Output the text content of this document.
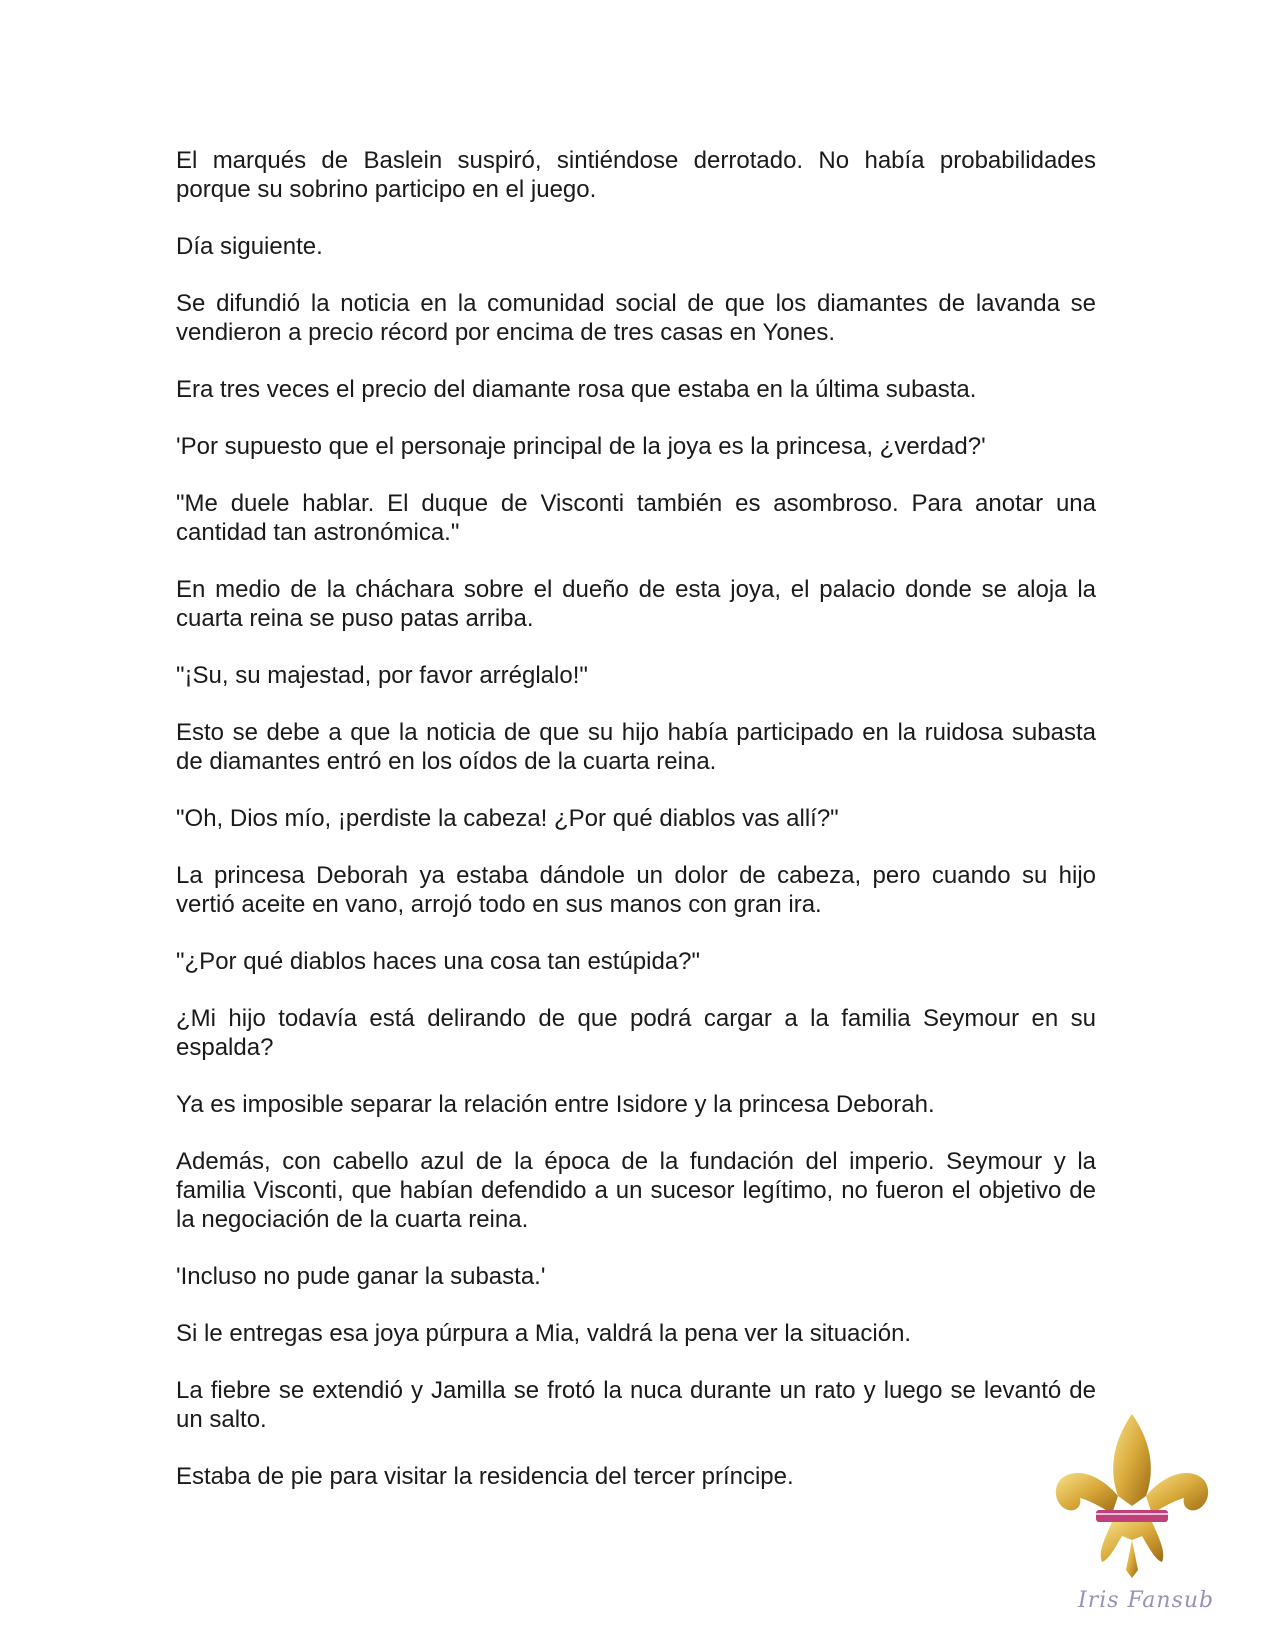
El marqués de Baslein suspiró, sintiéndose derrotado. No había probabilidades porque su sobrino participo en el juego.

Día siguiente.

Se difundió la noticia en la comunidad social de que los diamantes de lavanda se vendieron a precio récord por encima de tres casas en Yones.

Era tres veces el precio del diamante rosa que estaba en la última subasta.

'Por supuesto que el personaje principal de la joya es la princesa, ¿verdad?'

"Me duele hablar. El duque de Visconti también es asombroso. Para anotar una cantidad tan astronómica."

En medio de la cháchara sobre el dueño de esta joya, el palacio donde se aloja la cuarta reina se puso patas arriba.

"¡Su, su majestad, por favor arréglalo!"

Esto se debe a que la noticia de que su hijo había participado en la ruidosa subasta de diamantes entró en los oídos de la cuarta reina.

"Oh, Dios mío, ¡perdiste la cabeza! ¿Por qué diablos vas allí?"

La princesa Deborah ya estaba dándole un dolor de cabeza, pero cuando su hijo vertió aceite en vano, arrojó todo en sus manos con gran ira.

"¿Por qué diablos haces una cosa tan estúpida?"

¿Mi hijo todavía está delirando de que podrá cargar a la familia Seymour en su espalda?

Ya es imposible separar la relación entre Isidore y la princesa Deborah.

Además, con cabello azul de la época de la fundación del imperio. Seymour y la familia Visconti, que habían defendido a un sucesor legítimo, no fueron el objetivo de la negociación de la cuarta reina.

'Incluso no pude ganar la subasta.'

Si le entregas esa joya púrpura a Mia, valdrá la pena ver la situación.

La fiebre se extendió y Jamilla se frotó la nuca durante un rato y luego se levantó de un salto.

Estaba de pie para visitar la residencia del tercer príncipe.

Iris Fansub
